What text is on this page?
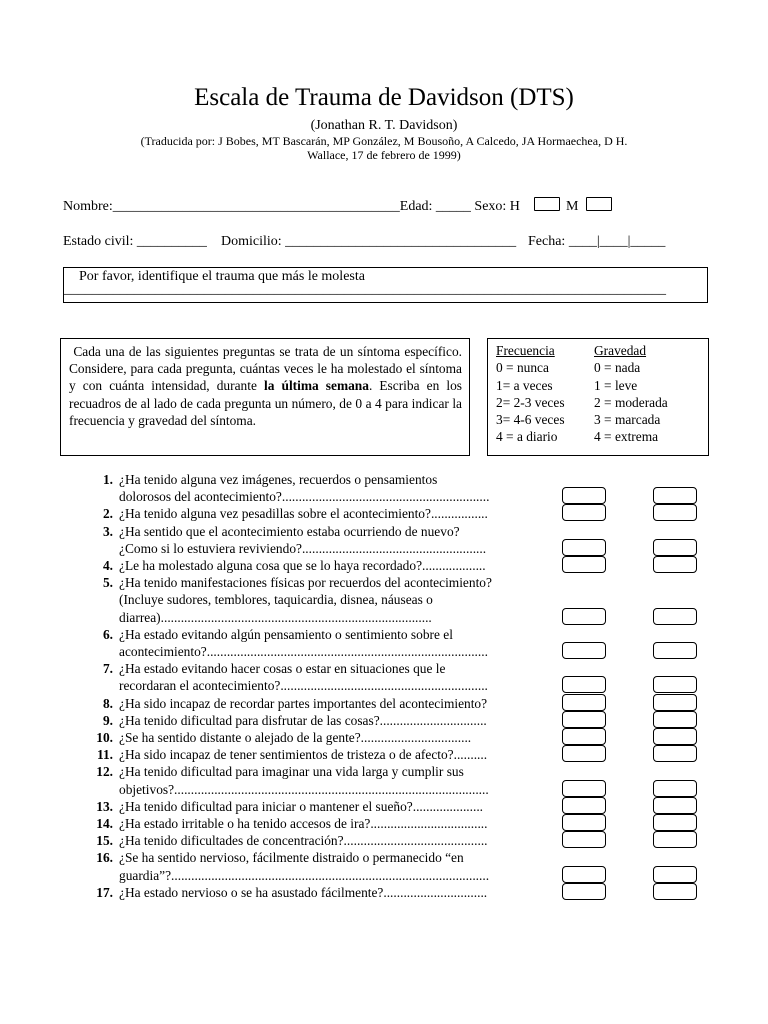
Escala de Trauma de Davidson (DTS)
(Jonathan R. T. Davidson)
(Traducida por: J Bobes, MT Bascarán, MP González, M Bousoño, A Calcedo, JA Hormaechea, D H.
Wallace, 17 de febrero de 1999)
Nombre:_________________________________________Edad: _____ Sexo: H	M
Estado civil: __________ Domicilio: _________________________________ Fecha: ____|____|_____
Por favor, identifique el trauma que más le molesta
______________________________________________________________________________________
Cada una de las siguientes preguntas se trata de un síntoma específico. Considere, para cada pregunta, cuántas veces le ha molestado el síntoma y con cuánta intensidad, durante la última semana. Escriba en los recuadros de al lado de cada pregunta un número, de 0 a 4 para indicar la frecuencia y gravedad del síntoma.
Frecuencia
0 = nunca
1= a veces
2= 2-3 veces
3= 4-6 veces
4 = a diario
Gravedad
0 = nada
1 = leve
2 = moderada
3 = marcada
4 = extrema
1. ¿Ha tenido alguna vez imágenes, recuerdos o pensamientos
dolorosos del acontecimiento?..............................................................
2. ¿Ha tenido alguna vez pesadillas sobre el acontecimiento?.................
3. ¿Ha sentido que el acontecimiento estaba ocurriendo de nuevo?
¿Como si lo estuviera reviviendo?.......................................................
4. ¿Le ha molestado alguna cosa que se lo haya recordado?...................
5. ¿Ha tenido manifestaciones físicas por recuerdos del acontecimiento?
(Incluye sudores, temblores, taquicardia, disnea, náuseas o
diarrea).................................................................................
6. ¿Ha estado evitando algún pensamiento o sentimiento sobre el
acontecimiento?....................................................................................
7. ¿Ha estado evitando hacer cosas o estar en situaciones que le
recordaran el acontecimiento?..............................................................
8. ¿Ha sido incapaz de recordar partes importantes del acontecimiento?
9. ¿Ha tenido dificultad para disfrutar de las cosas?................................
10. ¿Se ha sentido distante o alejado de la gente?.................................
11. ¿Ha sido incapaz de tener sentimientos de tristeza o de afecto?..........
12. ¿Ha tenido dificultad para imaginar una vida larga y cumplir sus
objetivos?..............................................................................................
13. ¿Ha tenido dificultad para iniciar o mantener el sueño?.....................
14. ¿Ha estado irritable o ha tenido accesos de ira?...................................
15. ¿Ha tenido dificultades de concentración?...........................................
16. ¿Se ha sentido nervioso, fácilmente distraido o permanecido “en
guardia”?...............................................................................................
17. ¿Ha estado nervioso o se ha asustado fácilmente?...............................
